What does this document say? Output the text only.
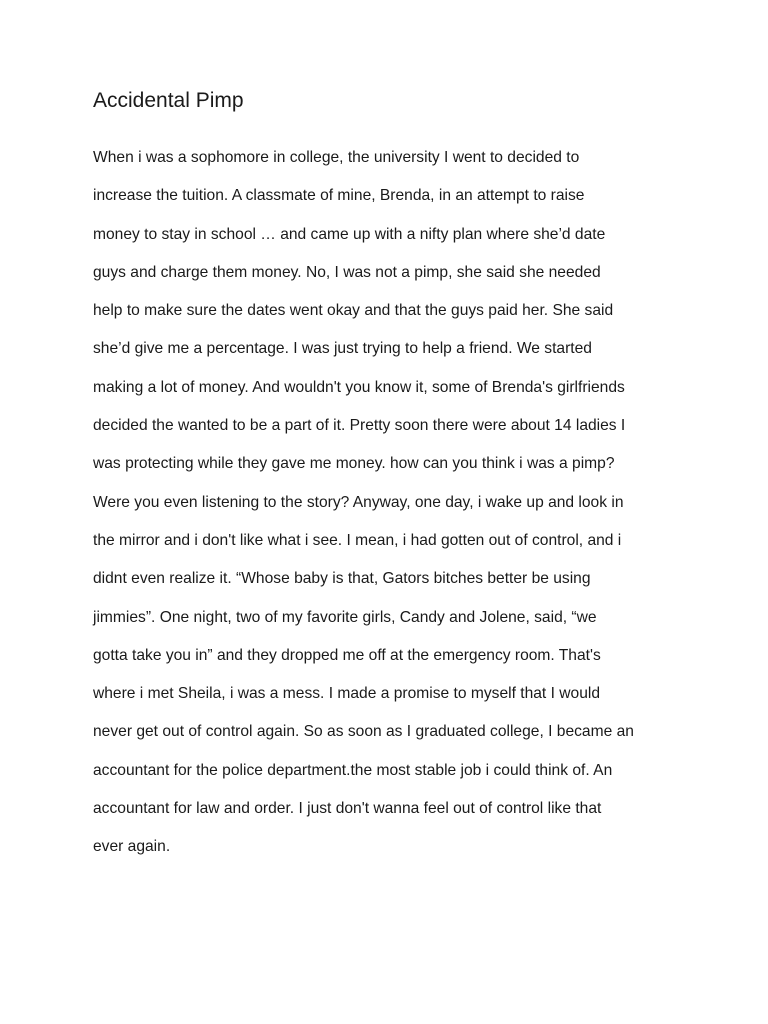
Accidental Pimp
When i was a sophomore in college, the university I went to decided to
increase the tuition. A classmate of mine, Brenda, in an attempt to raise
money to stay in school … and came up with a nifty plan where she’d date
guys and charge them money. No, I was not a pimp, she said she needed
help to make sure the dates went okay and that the guys paid her. She said
she’d give me a percentage. I was just trying to help a friend. We started
making a lot of money. And wouldn't you know it, some of Brenda's girlfriends
decided the wanted to be a part of it. Pretty soon there were about 14 ladies I
was protecting while they gave me money. how can you think i was a pimp?
Were you even listening to the story? Anyway, one day, i wake up and look in
the mirror and i don't like what i see. I mean, i had gotten out of control, and i
didnt even realize it. “Whose baby is that, Gators bitches better be using
jimmies”. One night, two of my favorite girls, Candy and Jolene, said, “we
gotta take you in” and they dropped me off at the emergency room. That's
where i met Sheila, i was a mess. I made a promise to myself that I would
never get out of control again. So as soon as I graduated college, I became an
accountant for the police department.the most stable job i could think of. An
accountant for law and order. I just don't wanna feel out of control like that
ever again.
